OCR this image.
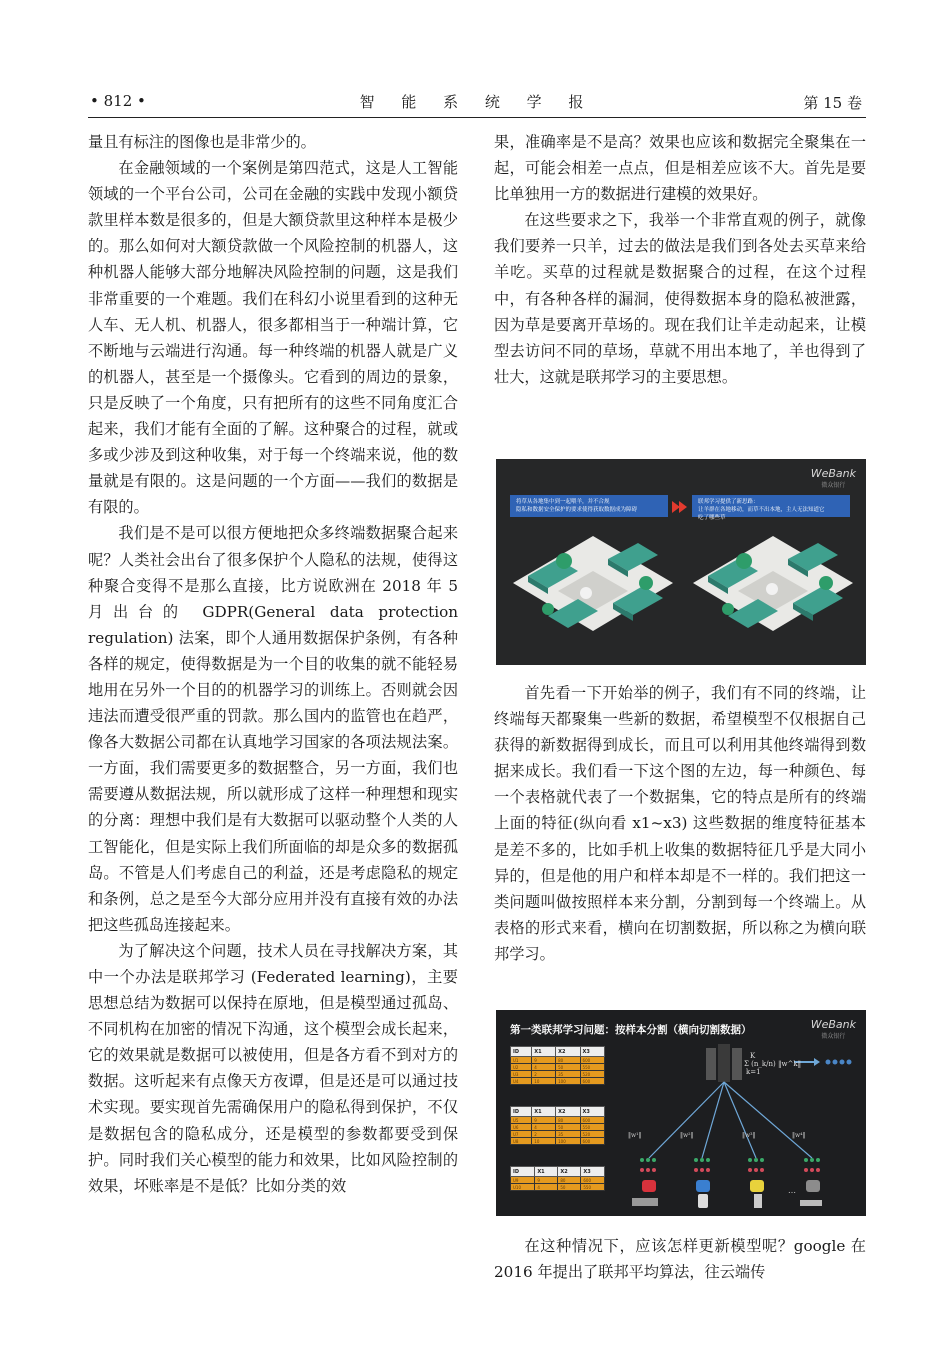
• 812 •	智 能 系 统 学 报	第 15 卷

量且有标注的图像也是非常少的。

在金融领域的一个案例是第四范式，这是人工智能领域的一个平台公司，公司在金融的实践中发现小额贷款里样本数是很多的，但是大额贷款里这种样本是极少的。那么如何对大额贷款做一个风险控制的机器人，这种机器人能够大部分地解决风险控制的问题，这是我们非常重要的一个难题。我们在科幻小说里看到的这种无人车、无人机、机器人，很多都相当于一种端计算，它不断地与云端进行沟通。每一种终端的机器人就是广义的机器人，甚至是一个摄像头。它看到的周边的景象，只是反映了一个角度，只有把所有的这些不同角度汇合起来，我们才能有全面的了解。这种聚合的过程，就或多或少涉及到这种收集，对于每一个终端来说，他的数量就是有限的。这是问题的一个方面——我们的数据是有限的。

我们是不是可以很方便地把众多终端数据聚合起来呢？人类社会出台了很多保护个人隐私的法规，使得这种聚合变得不是那么直接，比方说欧洲在 2018 年 5 月出台的 GDPR(General data protection regulation) 法案，即个人通用数据保护条例，有各种各样的规定，使得数据是为一个目的收集的就不能轻易地用在另外一个目的的机器学习的训练上。否则就会因违法而遭受很严重的罚款。那么国内的监管也在趋严，像各大数据公司都在认真地学习国家的各项法规法案。一方面，我们需要更多的数据整合，另一方面，我们也需要遵从数据法规，所以就形成了这样一种理想和现实的分离：理想中我们是有大数据可以驱动整个人类的人工智能化，但是实际上我们所面临的却是众多的数据孤岛。不管是人们考虑自己的利益，还是考虑隐私的规定和条例，总之是至今大部分应用并没有直接有效的办法把这些孤岛连接起来。

为了解决这个问题，技术人员在寻找解决方案，其中一个办法是联邦学习 (Federated learning)，主要思想总结为数据可以保持在原地，但是模型通过孤岛、不同机构在加密的情况下沟通，这个模型会成长起来，它的效果就是数据可以被使用，但是各方看不到对方的数据。这听起来有点像天方夜谭，但是还是可以通过技术实现。要实现首先需确保用户的隐私得到保护，不仅是数据包含的隐私成分，还是模型的参数都要受到保护。同时我们关心模型的能力和效果，比如风险控制的效果，坏账率是不是低？比如分类的效

果，准确率是不是高？效果也应该和数据完全聚集在一起，可能会相差一点点，但是相差应该不大。首先是要比单独用一方的数据进行建模的效果好。

在这些要求之下，我举一个非常直观的例子，就像我们要养一只羊，过去的做法是我们到各处去买草来给羊吃。买草的过程就是数据聚合的过程，在这个过程中，有各种各样的漏洞，使得数据本身的隐私被泄露，因为草是要离开草场的。现在我们让羊走动起来，让模型去访问不同的草场，草就不用出本地了，羊也得到了壮大，这就是联邦学习的主要思想。

WeBank
微众银行
将草从各地集中到一起喂羊，并不合规
隐私和数据安全保护的要求使得获取数据成为障碍
联邦学习提供了新思路：
让羊群在各地移动，而草不出本地，主人无法知道它
吃了哪些草

首先看一下开始举的例子，我们有不同的终端，让终端每天都聚集一些新的数据，希望模型不仅根据自己获得的新数据得到成长，而且可以利用其他终端得到数据来成长。我们看一下这个图的左边，每一种颜色、每一个表格就代表了一个数据集，它的特点是所有的终端上面的特征(纵向看 x1~x3) 这些数据的维度特征基本是差不多的，比如手机上收集的数据特征几乎是大同小异的，但是他的用户和样本却是不一样的。我们把这一类问题叫做按照样本来分割，分割到每一个终端上。从表格的形式来看，横向在切割数据，所以称之为横向联邦学习。

第一类联邦学习问题：按样本分割（横向切割数据）	WeBank
微众银行
ID	X1	X2	X3
U1	9	80	600
U2	4	50	550
U3	2	35	520
U4	10	100	600
ID	X1	X2	X3
U5	9	80	600
U6	4	50	550
U7	2	35	520
U8	10	100	600
ID	X1	X2	X3
U9	9	80	600
U10	4	50	550
K
Σ (n_k/n) ‖w^k‖
k=1
‖w¹‖	‖w²‖	‖w³‖	‖w⁴‖
…

在这种情况下，应该怎样更新模型呢？google 在 2016 年提出了联邦平均算法，往云端传
